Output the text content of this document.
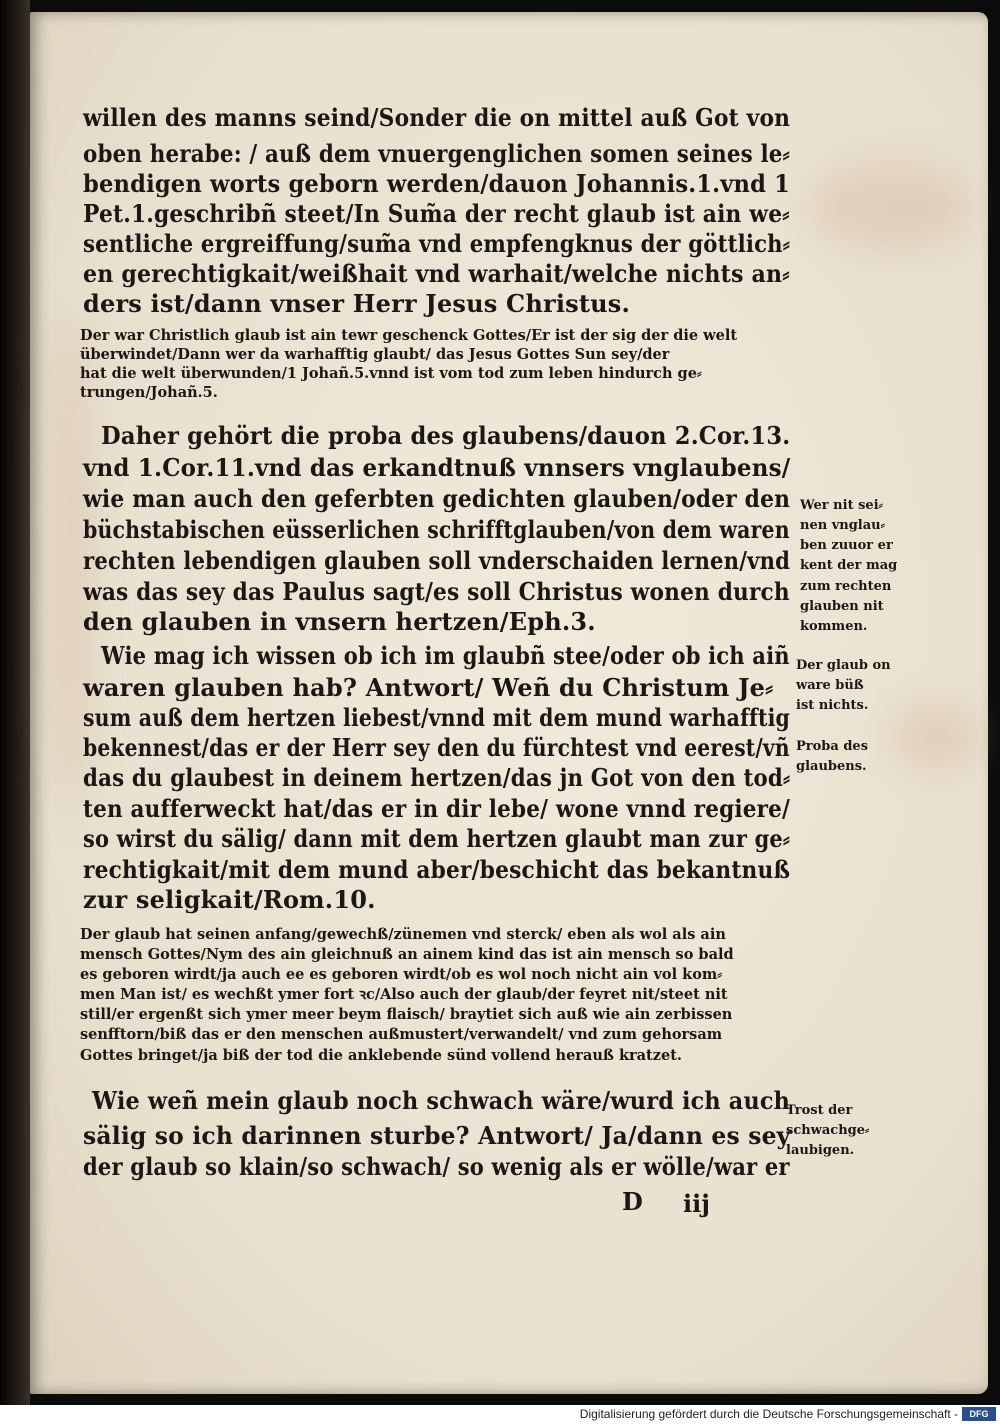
willen des manns seind/Sonder die on mittel auß Got von
oben herabe: / auß dem vnuergenglichen somen seines le⸗
bendigen worts geborn werden/dauon Johannis.1.vnd 1
Pet.1.geschribñ steet/In Sum̃a der recht glaub ist ain we⸗
sentliche ergreiffung/sum̃a vnd empfengknus der göttlich⸗
en gerechtigkait/weißhait vnd warhait/welche nichts an⸗
ders ist/dann vnser Herr Jesus Christus.
Der war Christlich glaub ist ain tewr geschenck Gottes/Er ist der sig der die welt
überwindet/Dann wer da warhafftig glaubt/ das Jesus Gottes Sun sey/der
hat die welt überwunden/1 Johañ.5.vnnd ist vom tod zum leben hindurch ge⸗
trungen/Johañ.5.
Daher gehört die proba des glaubens/dauon 2.Cor.13.
vnd 1.Cor.11.vnd das erkandtnuß vnnsers vnglaubens/
wie man auch den geferbten gedichten glauben/oder den
büchstabischen eüsserlichen schrifftglauben/von dem waren
rechten lebendigen glauben soll vnderschaiden lernen/vnd
was das sey das Paulus sagt/es soll Christus wonen durch
den glauben in vnsern hertzen/Eph.3.
Wie mag ich wissen ob ich im glaubñ stee/oder ob ich aiñ
waren glauben hab? Antwort/ Weñ du Christum Je⸗
sum auß dem hertzen liebest/vnnd mit dem mund warhafftig
bekennest/das er der Herr sey den du fürchtest vnd eerest/vñ
das du glaubest in deinem hertzen/das jn Got von den tod⸗
ten aufferweckt hat/das er in dir lebe/ wone vnnd regiere/
so wirst du sälig/ dann mit dem hertzen glaubt man zur ge⸗
rechtigkait/mit dem mund aber/beschicht das bekantnuß
zur seligkait/Rom.10.
Der glaub hat seinen anfang/gewechß/zünemen vnd sterck/ eben als wol als ain
mensch Gottes/Nym des ain gleichnuß an ainem kind das ist ain mensch so bald
es geboren wirdt/ja auch ee es geboren wirdt/ob es wol noch nicht ain vol kom⸗
men Man ist/ es wechßt ymer fort ꝛc/Also auch der glaub/der feyret nit/steet nit
still/er ergenßt sich ymer meer beym flaisch/ braytiet sich auß wie ain zerbissen
senfftorn/biß das er den menschen außmustert/verwandelt/ vnd zum gehorsam
Gottes bringet/ja biß der tod die anklebende sünd vollend herauß kratzet.
Wie weñ mein glaub noch schwach wäre/wurd ich auch
sälig so ich darinnen sturbe? Antwort/ Ja/dann es sey
der glaub so klain/so schwach/ so wenig als er wölle/war er
D iij
Wer nit sei⸗
nen vnglau⸗
ben zuuor er
kent der mag
zum rechten
glauben nit
kommen.
Der glaub on
ware büß
ist nichts.
Proba des
glaubens.
Trost der
schwachge⸗
laubigen.
Digitalisierung gefördert durch die Deutsche Forschungsgemeinschaft -	DFG
